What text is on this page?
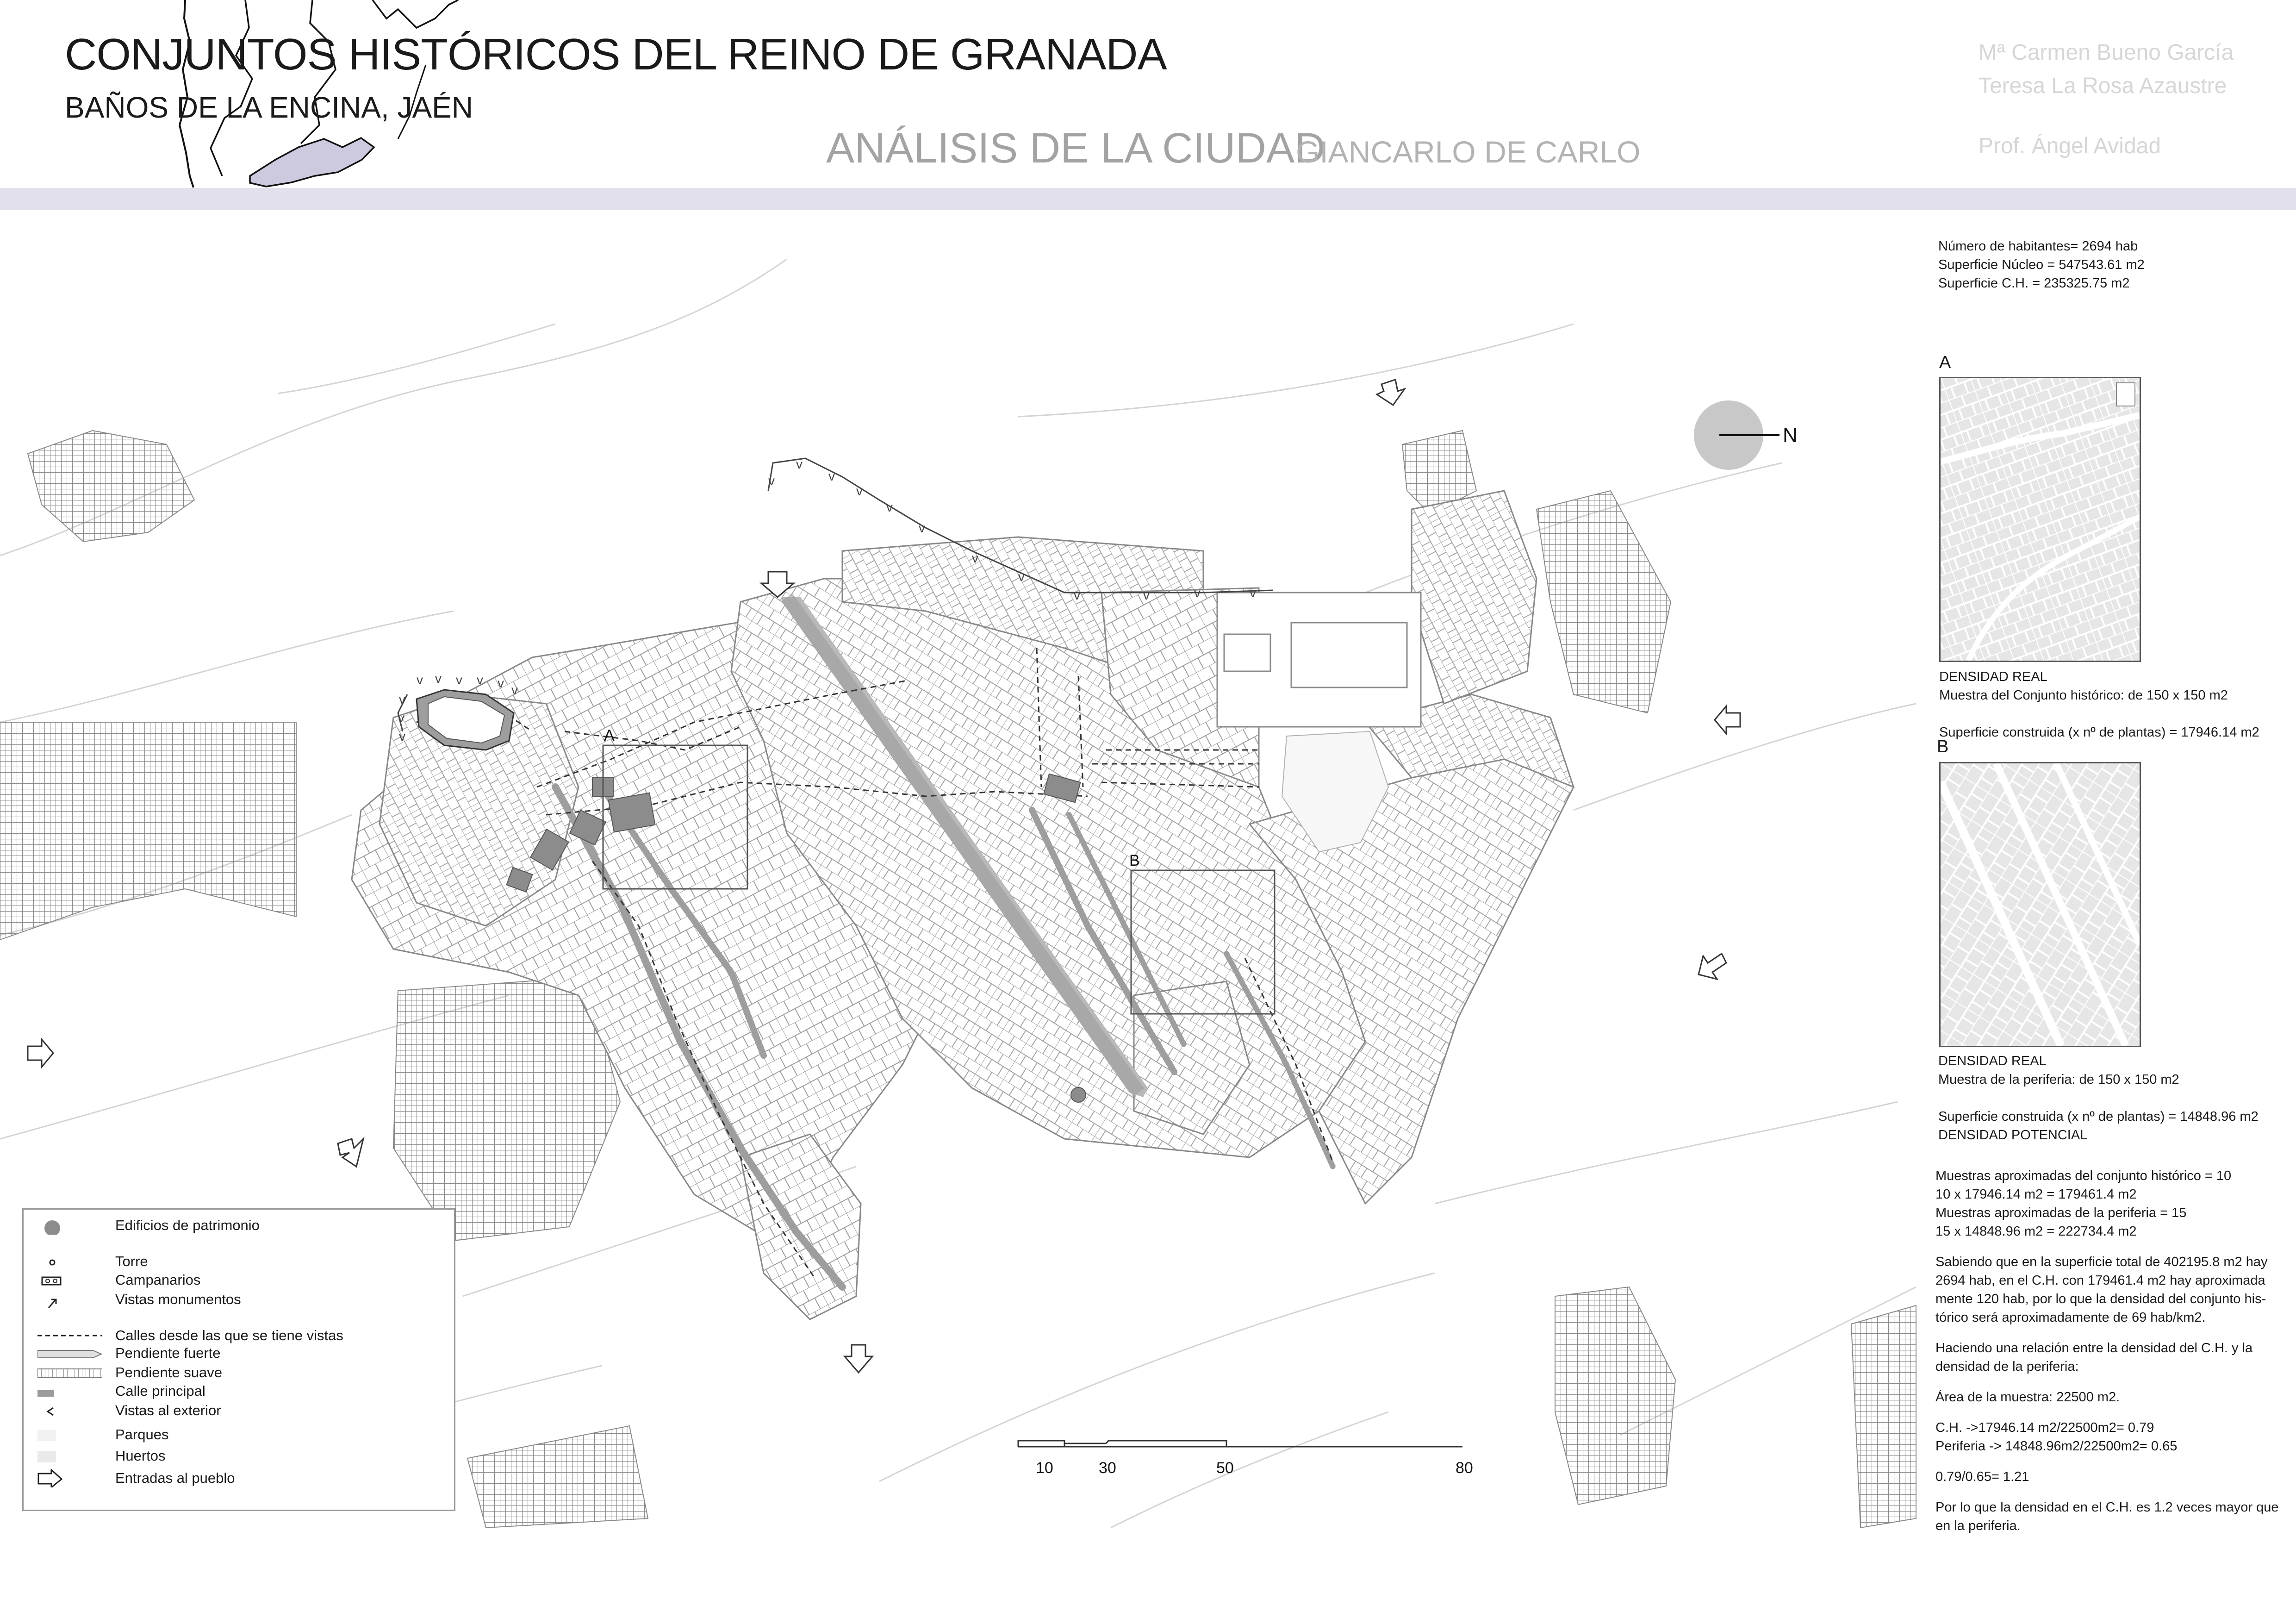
CONJUNTOS HISTÓRICOS DEL REINO DE GRANADA
BAÑOS DE LA ENCINA, JAÉN
ANÁLISIS DE LA CIUDAD
GIANCARLO DE CARLO
Mª Carmen Bueno García
Teresa La Rosa Azaustre
Prof. Ángel Avidad
v
v
v
v
v
v
v
v
v	v	v	v
v v v v v v
v
v
v	A
B
N
10	30	50	80
Edificios de patrimonio
Torre
Campanarios
Vistas monumentos
Calles desde las que se tiene vistas
Pendiente fuerte
Pendiente suave
Calle principal
Vistas al exterior
Parques
Huertos
Entradas al pueblo
Número de habitantes= 2694 hab
Superficie Núcleo = 547543.61 m2
Superficie C.H. = 235325.75 m2
A
DENSIDAD REAL
Muestra del Conjunto histórico: de 150 x 150 m2
Superficie construida (x nº de plantas) = 17946.14 m2
B
DENSIDAD REAL
Muestra de la periferia: de 150 x 150 m2
Superficie construida (x nº de plantas) = 14848.96 m2
DENSIDAD POTENCIAL
Muestras aproximadas del conjunto histórico = 10
10 x 17946.14 m2 = 179461.4 m2
Muestras aproximadas de la periferia = 15
15 x 14848.96 m2 = 222734.4 m2
Sabiendo que en la superficie total de 402195.8 m2 hay
2694 hab, en el C.H. con 179461.4 m2 hay aproximada
mente 120 hab, por lo que la densidad del conjunto his-
tórico será aproximadamente de 69 hab/km2.
Haciendo una relación entre la densidad del C.H. y la
densidad de la periferia:
Área de la muestra: 22500 m2.
C.H. ->17946.14 m2/22500m2= 0.79
Periferia -> 14848.96m2/22500m2= 0.65
0.79/0.65= 1.21
Por lo que la densidad en el C.H. es 1.2 veces mayor que
en la periferia.
